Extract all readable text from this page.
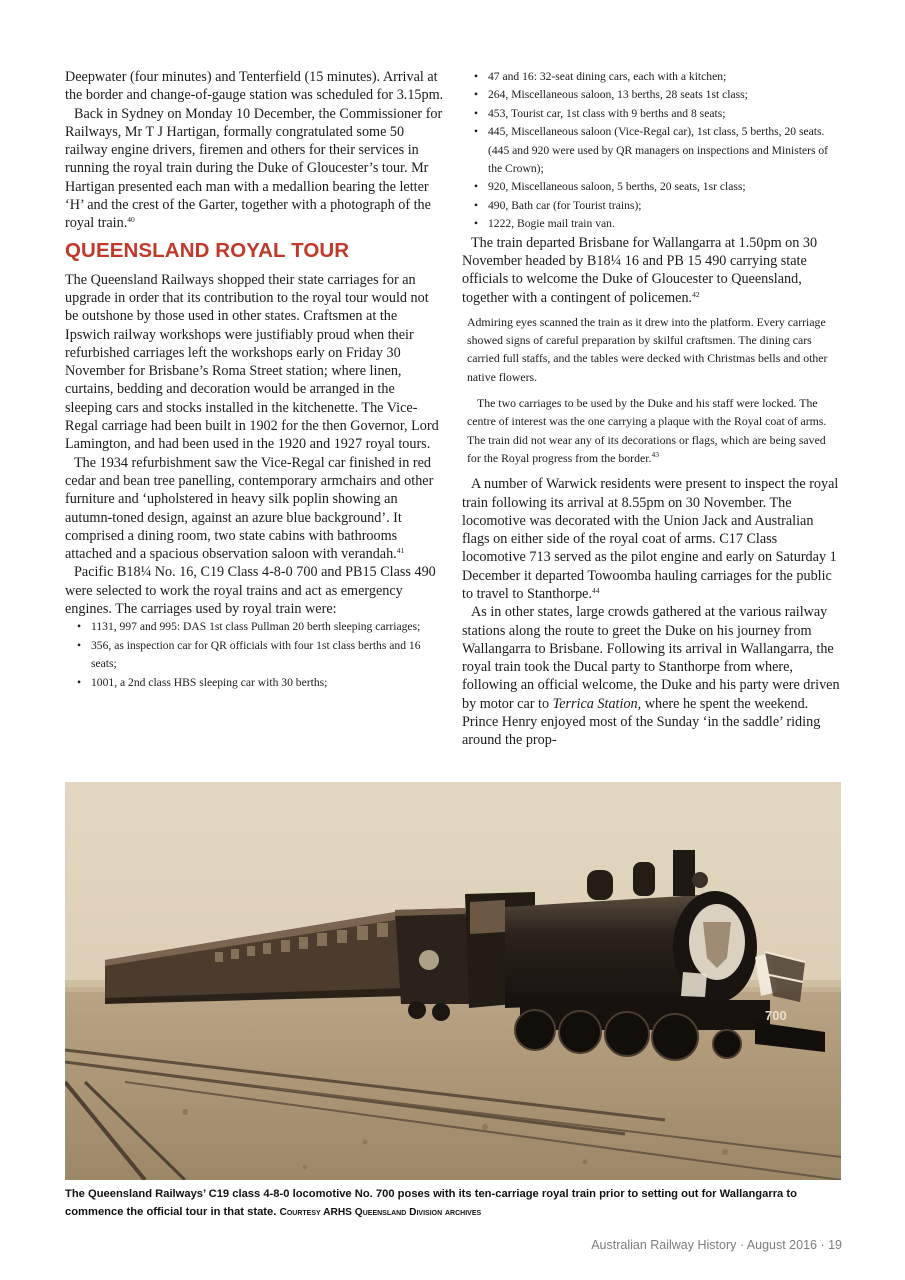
Deepwater (four minutes) and Tenterfield (15 minutes). Arrival at the border and change-of-gauge station was scheduled for 3.15pm.

Back in Sydney on Monday 10 December, the Commissioner for Railways, Mr T J Hartigan, formally congratulated some 50 railway engine drivers, firemen and others for their services in running the royal train during the Duke of Gloucester’s tour. Mr Hartigan presented each man with a medallion bearing the letter ‘H’ and the crest of the Garter, together with a photograph of the royal train.$^{40}$

QUEENSLAND ROYAL TOUR

The Queensland Railways shopped their state carriages for an upgrade in order that its contribution to the royal tour would not be outshone by those used in other states. Craftsmen at the Ipswich railway workshops were justifiably proud when their refurbished carriages left the workshops early on Friday 30 November for Brisbane’s Roma Street station; where linen, curtains, bedding and decoration would be arranged in the sleeping cars and stocks installed in the kitchenette. The Vice-Regal carriage had been built in 1902 for the then Governor, Lord Lamington, and had been used in the 1920 and 1927 royal tours.

The 1934 refurbishment saw the Vice-Regal car finished in red cedar and bean tree panelling, contemporary armchairs and other furniture and ‘upholstered in heavy silk poplin showing an autumn-toned design, against an azure blue background’. It comprised a dining room, two state cabins with bathrooms attached and a spacious observation saloon with verandah.$^{41}$

Pacific B18¼ No. 16, C19 Class 4-8-0 700 and PB15 Class 490 were selected to work the royal trains and act as emergency engines. The carriages used by royal train were:

• 1131, 997 and 995: DAS 1st class Pullman 20 berth sleeping carriages;
• 356, as inspection car for QR officials with four 1st class berths and 16 seats;
• 1001, a 2nd class HBS sleeping car with 30 berths;
• 47 and 16: 32-seat dining cars, each with a kitchen;
• 264, Miscellaneous saloon, 13 berths, 28 seats 1st class;
• 453, Tourist car, 1st class with 9 berths and 8 seats;
• 445, Miscellaneous saloon (Vice-Regal car), 1st class, 5 berths, 20 seats. (445 and 920 were used by QR managers on inspections and Ministers of the Crown);
• 920, Miscellaneous saloon, 5 berths, 20 seats, 1sr class;
• 490, Bath car (for Tourist trains);
• 1222, Bogie mail train van.

The train departed Brisbane for Wallangarra at 1.50pm on 30 November headed by B18¼ 16 and PB 15 490 carrying state officials to welcome the Duke of Gloucester to Queensland, together with a contingent of policemen.$^{42}$

Admiring eyes scanned the train as it drew into the platform. Every carriage showed signs of careful preparation by skilful craftsmen. The dining cars carried full staffs, and the tables were decked with Christmas bells and other native flowers.

The two carriages to be used by the Duke and his staff were locked. The centre of interest was the one carrying a plaque with the Royal coat of arms. The train did not wear any of its decorations or flags, which are being saved for the Royal progress from the border.$^{43}$

A number of Warwick residents were present to inspect the royal train following its arrival at 8.55pm on 30 November. The locomotive was decorated with the Union Jack and Australian flags on either side of the royal coat of arms. C17 Class locomotive 713 served as the pilot engine and early on Saturday 1 December it departed Towoomba hauling carriages for the public to travel to Stanthorpe.$^{44}$

As in other states, large crowds gathered at the various railway stations along the route to greet the Duke on his journey from Wallangarra to Brisbane. Following its arrival in Wallangarra, the royal train took the Ducal party to Stanthorpe from where, following an official welcome, the Duke and his party were driven by motor car to Terrica Station, where he spent the weekend. Prince Henry enjoyed most of the Sunday ‘in the saddle’ riding around the prop-

700
The Queensland Railways’ C19 class 4-8-0 locomotive No. 700 poses with its ten-carriage royal train prior to setting out for Wallangarra to commence the official tour in that state. Courtesy ARHS Queensland Division archives
Australian Railway History · August 2016 · 19
